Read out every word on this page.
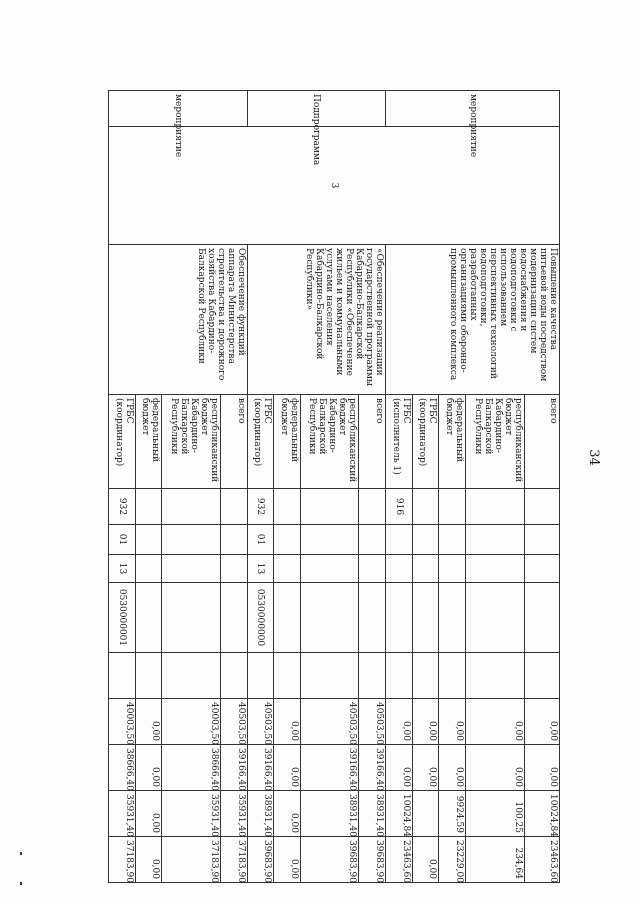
34
мероприятие	3	Повышение качества питьевой воды посредством модернизации систем водоснабжения и водоподготовки с использованием перспективных технологий водоподготовки, разработанных организациями оборонно-промышленного комплекса	всего						0,00	0,00	10024,84	23463,60
			республиканский бюджет Кабардино-Балкарской Республики						0,00	0,00	100,25	234,64
			федеральный бюджет						0,00	0,00	9924,59	23229,00
			ГРБС (координатор)						0,00	0,00		0,00
			ГРБС (исполнитель 1)	916					0,00	0,00	10024,84	23463,60
Подпрограмма		«Обеспечение реализации государственной программы Кабардино-Балкарской Республики «Обеспечение жильем и коммунальными услугами населения Кабардино-Балкарской Республики»	всего						40503,50	39166,40	38931,40	39683,90
			республиканский бюджет Кабардино-Балкарской Республики						40503,50	39166,40	38931,40	39683,90
			федеральный бюджет						0,00	0,00	0,00	0,00
			ГРБС (координатор)	932	01	13	0530000000		40503,50	39166,40	38931,40	39683,90
мероприятие		Обеспечение функций аппарата Министерства строительства и дорожного хозяйства Кабардино-Балкарской Республики	всего						40503,50	39166,40	35931,40	37183,90
			республиканский бюджет Кабардино-Балкарской Республики						40003,50	38666,40	35931,40	37183,90
			федеральный бюджет						0,00	0,00	0,00	0,00
			ГРБС (координатор)	932	01	13	0530000001		40003,50	38666,40	35931,40	37183,90
